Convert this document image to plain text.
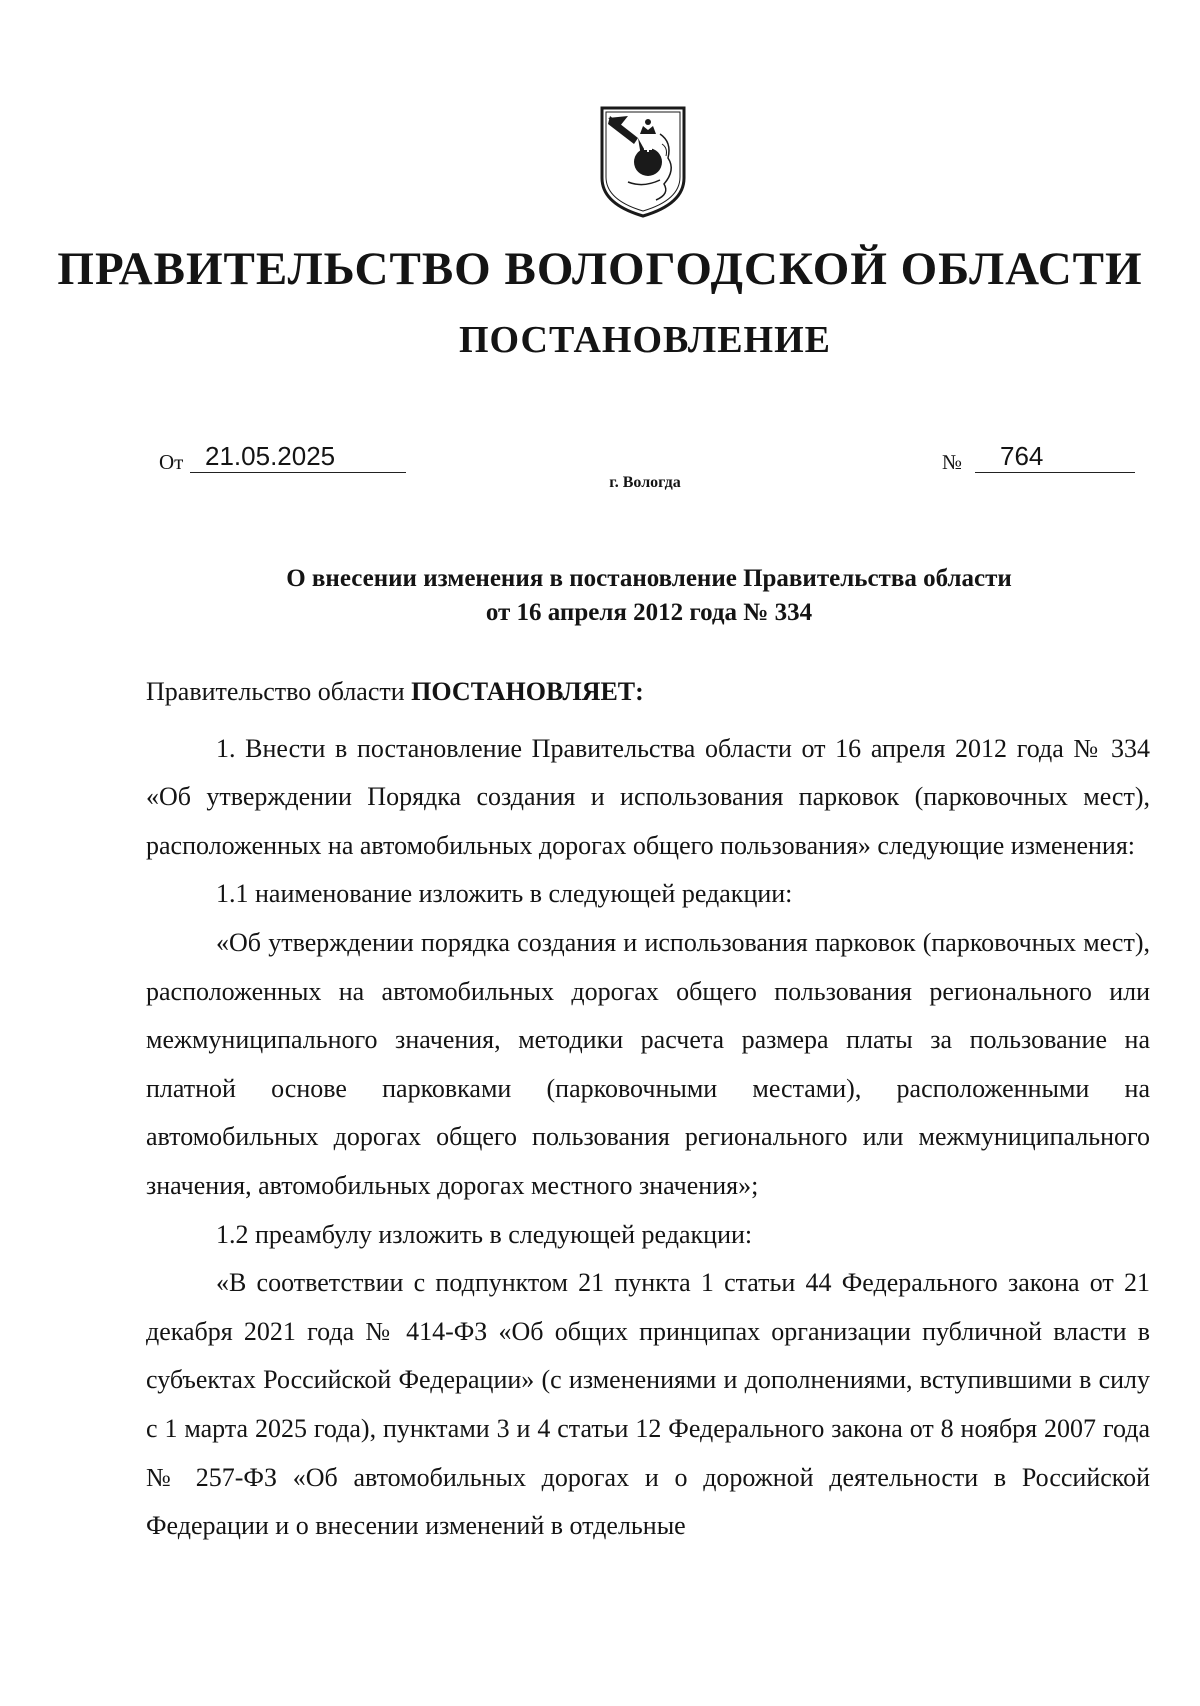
ПРАВИТЕЛЬСТВО ВОЛОГОДСКОЙ ОБЛАСТИ
ПОСТАНОВЛЕНИЕ
От 21.05.2025	№ 764
г. Вологда
О внесении изменения в постановление Правительства области
от 16 апреля 2012 года № 334

Правительство области ПОСТАНОВЛЯЕТ:

1. Внести в постановление Правительства области от 16 апреля 2012 года № 334 «Об утверждении Порядка создания и использования парковок (парковочных мест), расположенных на автомобильных дорогах общего пользования» следующие изменения:

1.1 наименование изложить в следующей редакции:

«Об утверждении порядка создания и использования парковок (парковочных мест), расположенных на автомобильных дорогах общего пользования регионального или межмуниципального значения, методики расчета размера платы за пользование на платной основе парковками (парковочными местами), расположенными на автомобильных дорогах общего пользования регионального или межмуниципального значения, автомобильных дорогах местного значения»;

1.2 преамбулу изложить в следующей редакции:

«В соответствии с подпунктом 21 пункта 1 статьи 44 Федерального закона от 21 декабря 2021 года № 414-ФЗ «Об общих принципах организации публичной власти в субъектах Российской Федерации» (с изменениями и дополнениями, вступившими в силу с 1 марта 2025 года), пунктами 3 и 4 статьи 12 Федерального закона от 8 ноября 2007 года № 257-ФЗ «Об автомобильных дорогах и о дорожной деятельности в Российской Федерации и о внесении изменений в отдельные
